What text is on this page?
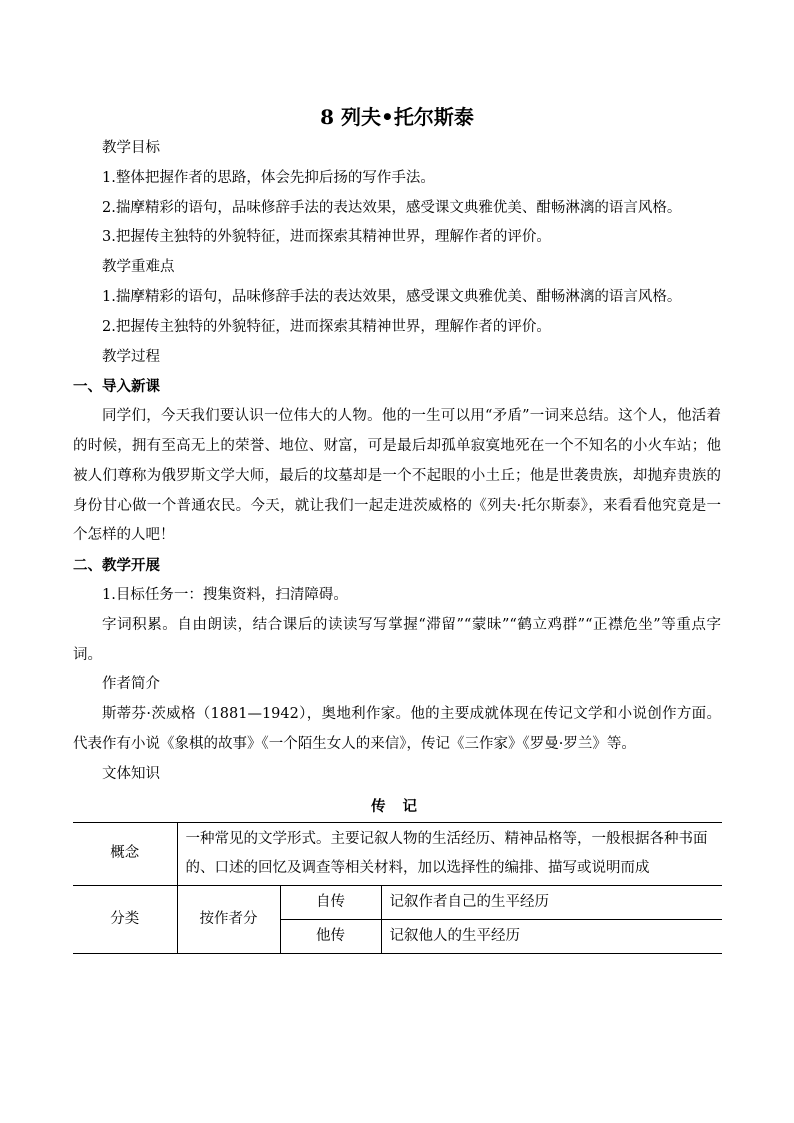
8 列夫•托尔斯泰

教学目标

1.整体把握作者的思路，体会先抑后扬的写作手法。

2.揣摩精彩的语句，品味修辞手法的表达效果，感受课文典雅优美、酣畅淋漓的语言风格。

3.把握传主独特的外貌特征，进而探索其精神世界，理解作者的评价。

教学重难点

1.揣摩精彩的语句，品味修辞手法的表达效果，感受课文典雅优美、酣畅淋漓的语言风格。

2.把握传主独特的外貌特征，进而探索其精神世界，理解作者的评价。

教学过程

一、导入新课

同学们，今天我们要认识一位伟大的人物。他的一生可以用“矛盾”一词来总结。这个人，他活着的时候，拥有至高无上的荣誉、地位、财富，可是最后却孤单寂寞地死在一个不知名的小火车站；他被人们尊称为俄罗斯文学大师，最后的坟墓却是一个不起眼的小土丘；他是世袭贵族，却抛弃贵族的身份甘心做一个普通农民。今天，就让我们一起走进茨威格的《列夫·托尔斯泰》，来看看他究竟是一个怎样的人吧！

二、教学开展

1.目标任务一：搜集资料，扫清障碍。

字词积累。自由朗读，结合课后的读读写写掌握“滞留”“蒙昧”“鹤立鸡群”“正襟危坐”等重点字词。

作者简介

斯蒂芬·茨威格（1881—1942），奥地利作家。他的主要成就体现在传记文学和小说创作方面。代表作有小说《象棋的故事》《一个陌生女人的来信》，传记《三作家》《罗曼·罗兰》等。

文体知识

传 记
概念	一种常见的文学形式。主要记叙人物的生活经历、精神品格等，一般根据各种书面的、口述的回忆及调查等相关材料，加以选择性的编排、描写或说明而成		
分类	按作者分	自传	记叙作者自己的生平经历
		他传	记叙他人的生平经历
